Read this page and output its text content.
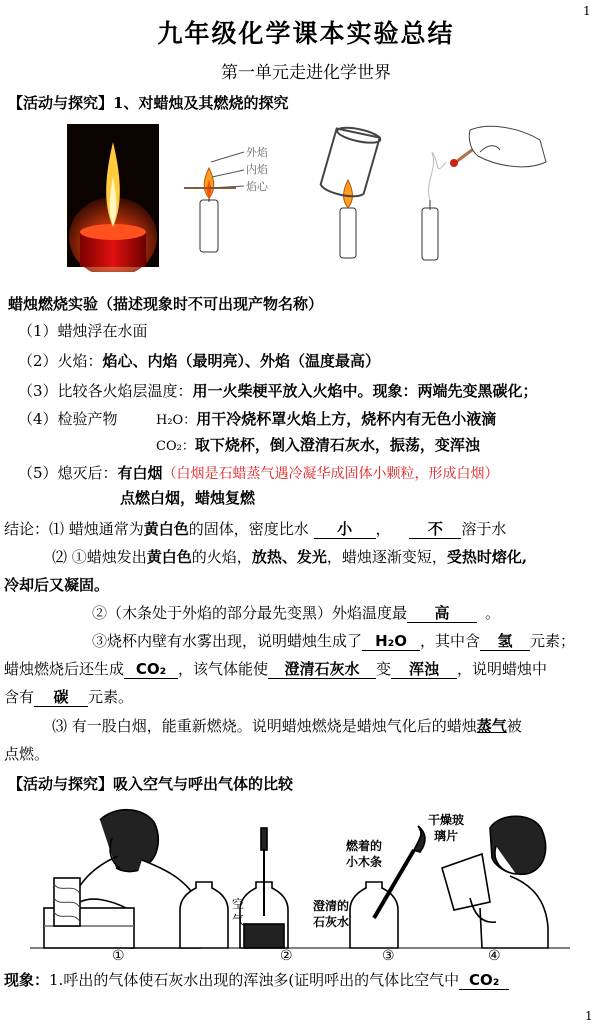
1
1
九年级化学课本实验总结
第一单元走进化学世界
【活动与探究】1、对蜡烛及其燃烧的探究
外焰
内焰
焰心
蜡烛燃烧实验（描述现象时不可出现产物名称）
（1）蜡烛浮在水面
（2）火焰：焰心、内焰（最明亮）、外焰（温度最高）
（3）比较各火焰层温度：用一火柴梗平放入火焰中。现象：两端先变黑碳化；
（4）检验产物	H₂O：用干冷烧杯罩火焰上方，烧杯内有无色小液滴
CO₂：取下烧杯，倒入澄清石灰水，振荡，变浑浊
（5）熄灭后：有白烟（白烟是石蜡蒸气遇冷凝华成固体小颗粒，形成白烟）
点燃白烟，蜡烛复燃
结论：⑴ 蜡烛通常为黄白色的固体，密度比水 小 ， 不 溶于水
⑵ ①蜡烛发出黄白色的火焰，放热、发光，蜡烛逐渐变短，受热时熔化,
冷却后又凝固。
②（木条处于外焰的部分最先变黑）外焰温度最 高 。
③烧杯内壁有水雾出现，说明蜡烛生成了 H₂O ，其中含 氢 元素；
蜡烛燃烧后还生成 CO₂ ，该气体能使 澄清石灰水 变 浑浊 ，说明蜡烛中
含有 碳 元素。
⑶ 有一股白烟，能重新燃烧。说明蜡烛燃烧是蜡烛气化后的蜡烛蒸气被
点燃。
【活动与探究】吸入空气与呼出气体的比较
空
气
澄清的
石灰水
燃着的
小木条
干燥玻
璃片
①	②	③	④
现象：1.呼出的气体使石灰水出现的浑浊多(证明呼出的气体比空气中 CO₂
